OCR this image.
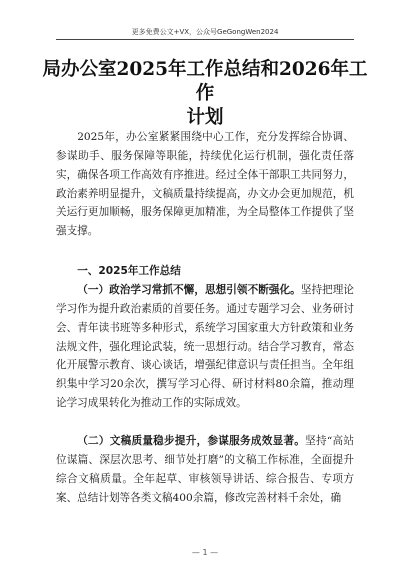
更多免费公文+VX，公众号GeGongWen2024
局办公室2025年工作总结和2026年工作
计划
2025年，办公室紧紧围绕中心工作，充分发挥综合协调、参谋助手、服务保障等职能，持续优化运行机制，强化责任落实，确保各项工作高效有序推进。经过全体干部职工共同努力，政治素养明显提升，文稿质量持续提高，办文办会更加规范，机关运行更加顺畅，服务保障更加精准，为全局整体工作提供了坚强支撑。
一、2025年工作总结
（一）政治学习常抓不懈，思想引领不断强化。坚持把理论学习作为提升政治素质的首要任务。通过专题学习会、业务研讨会、青年读书班等多种形式，系统学习国家重大方针政策和业务法规文件，强化理论武装，统一思想行动。结合学习教育，常态化开展警示教育、谈心谈话，增强纪律意识与责任担当。全年组织集中学习20余次，撰写学习心得、研讨材料80余篇，推动理论学习成果转化为推动工作的实际成效。
（二）文稿质量稳步提升，参谋服务成效显著。坚持“高站位谋篇、深层次思考、细节处打磨”的文稿工作标准，全面提升综合文稿质量。全年起草、审核领导讲话、综合报告、专项方案、总结计划等各类文稿400余篇，修改完善材料千余处，确
— 1 —
